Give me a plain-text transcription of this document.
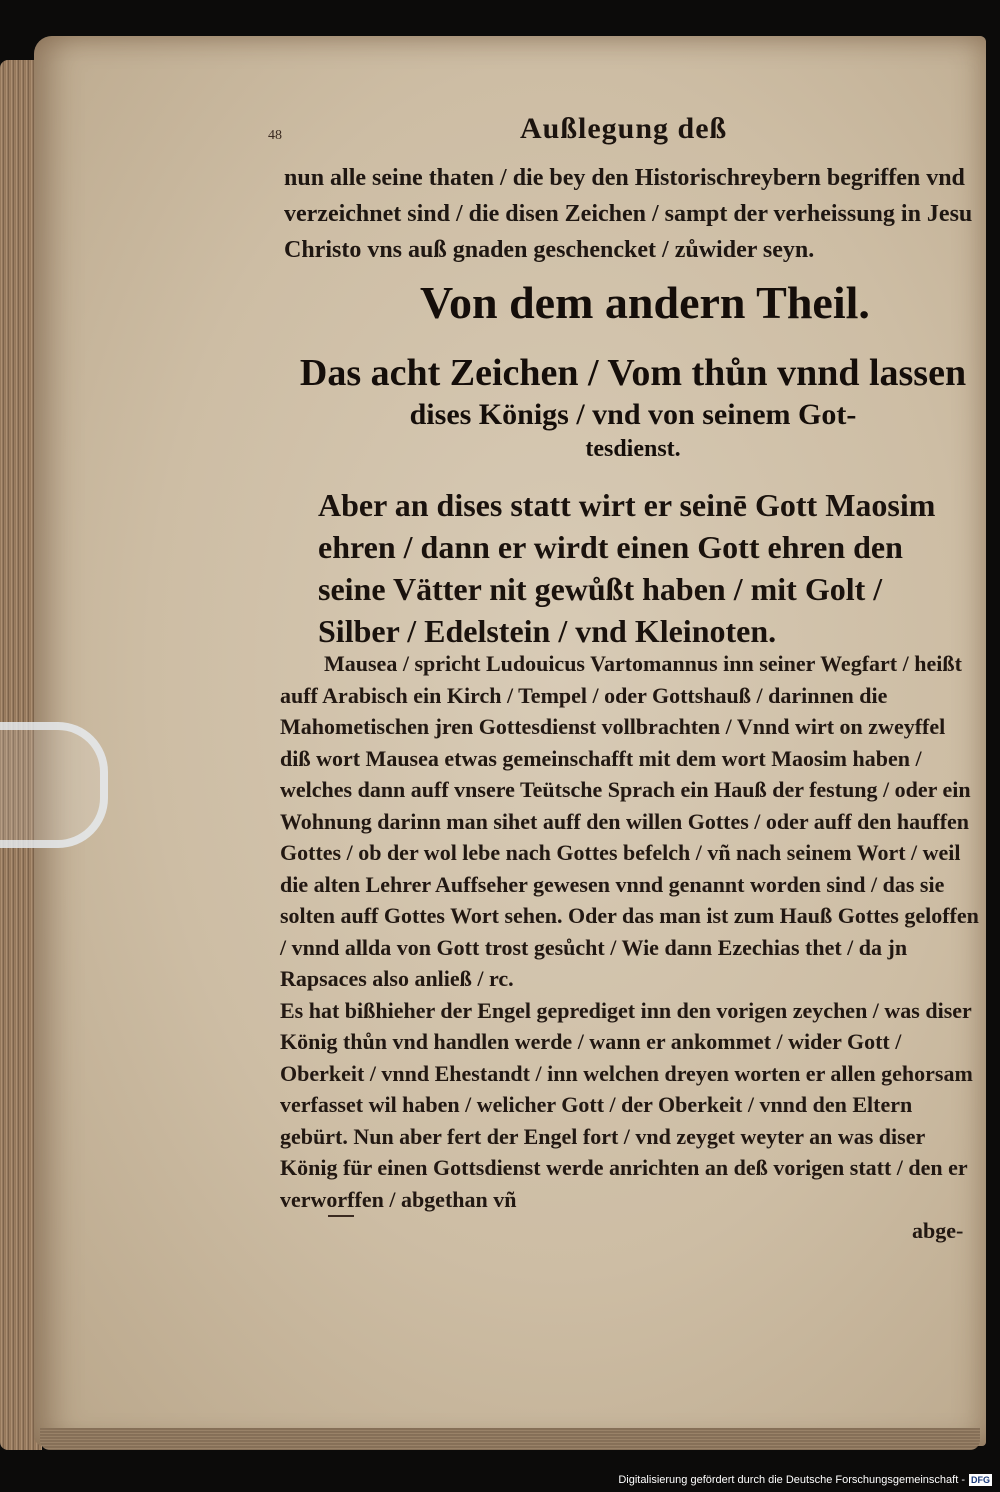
48	Außlegung deß
nun alle seine thaten / die bey den Historischreybern begriffen vnd verzeichnet sind / die disen Zeichen / sampt der verheissung in Jesu Christo vns auß gnaden geschencket / zůwider seyn.
Von dem andern Theil.
Das acht Zeichen / Vom thůn vnnd lassen
dises Königs / vnd von seinem Got-
tesdienst.
Aber an dises statt wirt er seinē Gott Maosim ehren / dann er wirdt einen Gott ehren den seine Vätter nit gewůßt haben / mit Golt / Silber / Edelstein / vnd Kleinoten.

Mausea / spricht Ludouicus Vartomannus inn seiner Wegfart / heißt auff Arabisch ein Kirch / Tempel / oder Gottshauß / darinnen die Mahometischen jren Gottesdienst vollbrachten / Vnnd wirt on zweyffel diß wort Mausea etwas gemeinschafft mit dem wort Maosim haben / welches dann auff vnsere Teütsche Sprach ein Hauß der festung / oder ein Wohnung darinn man sihet auff den willen Gottes / oder auff den hauffen Gottes / ob der wol lebe nach Gottes befelch / vñ nach seinem Wort / weil die alten Lehrer Auffseher gewesen vnnd genannt worden sind / das sie solten auff Gottes Wort sehen. Oder das man ist zum Hauß Gottes geloffen / vnnd allda von Gott trost gesůcht / Wie dann Ezechias thet / da jn Rapsaces also anließ / rc.

Es hat bißhieher der Engel geprediget inn den vorigen zeychen / was diser König thůn vnd handlen werde / wann er ankommet / wider Gott / Oberkeit / vnnd Ehestandt / inn welchen dreyen worten er allen gehorsam verfasset wil haben / welicher Gott / der Oberkeit / vnnd den Eltern gebürt. Nun aber fert der Engel fort / vnd zeyget weyter an was diser König für einen Gottsdienst werde anrichten an deß vorigen statt / den er verworffen / abgethan vñ

abge-
Digitalisierung gefördert durch die Deutsche Forschungsgemeinschaft - DFG
